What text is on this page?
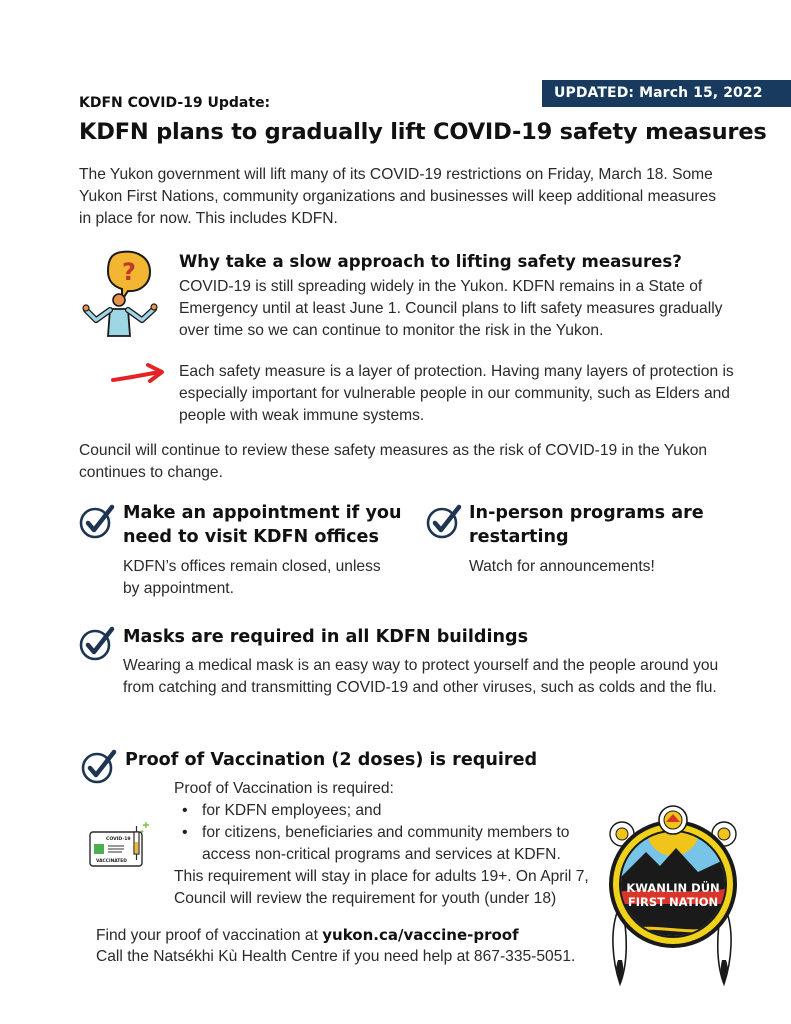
UPDATED: March 15, 2022
KDFN COVID-19 Update:
KDFN plans to gradually lift COVID-19 safety measures

The Yukon government will lift many of its COVID-19 restrictions on Friday, March 18. Some Yukon First Nations, community organizations and businesses will keep additional measures in place for now. This includes KDFN.

?	Why take a slow approach to lifting safety measures?

COVID-19 is still spreading widely in the Yukon. KDFN remains in a State of Emergency until at least June 1. Council plans to lift safety measures gradually over time so we can continue to monitor the risk in the Yukon.

Each safety measure is a layer of protection. Having many layers of protection is especially important for vulnerable people in our community, such as Elders and people with weak immune systems.

Council will continue to review these safety measures as the risk of COVID-19 in the Yukon continues to change.

Make an appointment if you need to visit KDFN offices

KDFN’s offices remain closed, unless by appointment.

In-person programs are restarting

Watch for announcements!

Masks are required in all KDFN buildings

Wearing a medical mask is an easy way to protect yourself and the people around you from catching and transmitting COVID-19 and other viruses, such as colds and the flu.

Proof of Vaccination (2 doses) is required
Proof of Vaccination is required:
• for KDFN employees; and
• for citizens, beneficiaries and community members to access non-critical programs and services at KDFN.

This requirement will stay in place for adults 19+. On April 7, Council will review the requirement for youth (under 18)

COVID-19
VACCINATED
Find your proof of vaccination at yukon.ca/vaccine-proof
Call the Natsékhi Kù Health Centre if you need help at 867-335-5051.
KWANLIN DÜN
FIRST NATION
